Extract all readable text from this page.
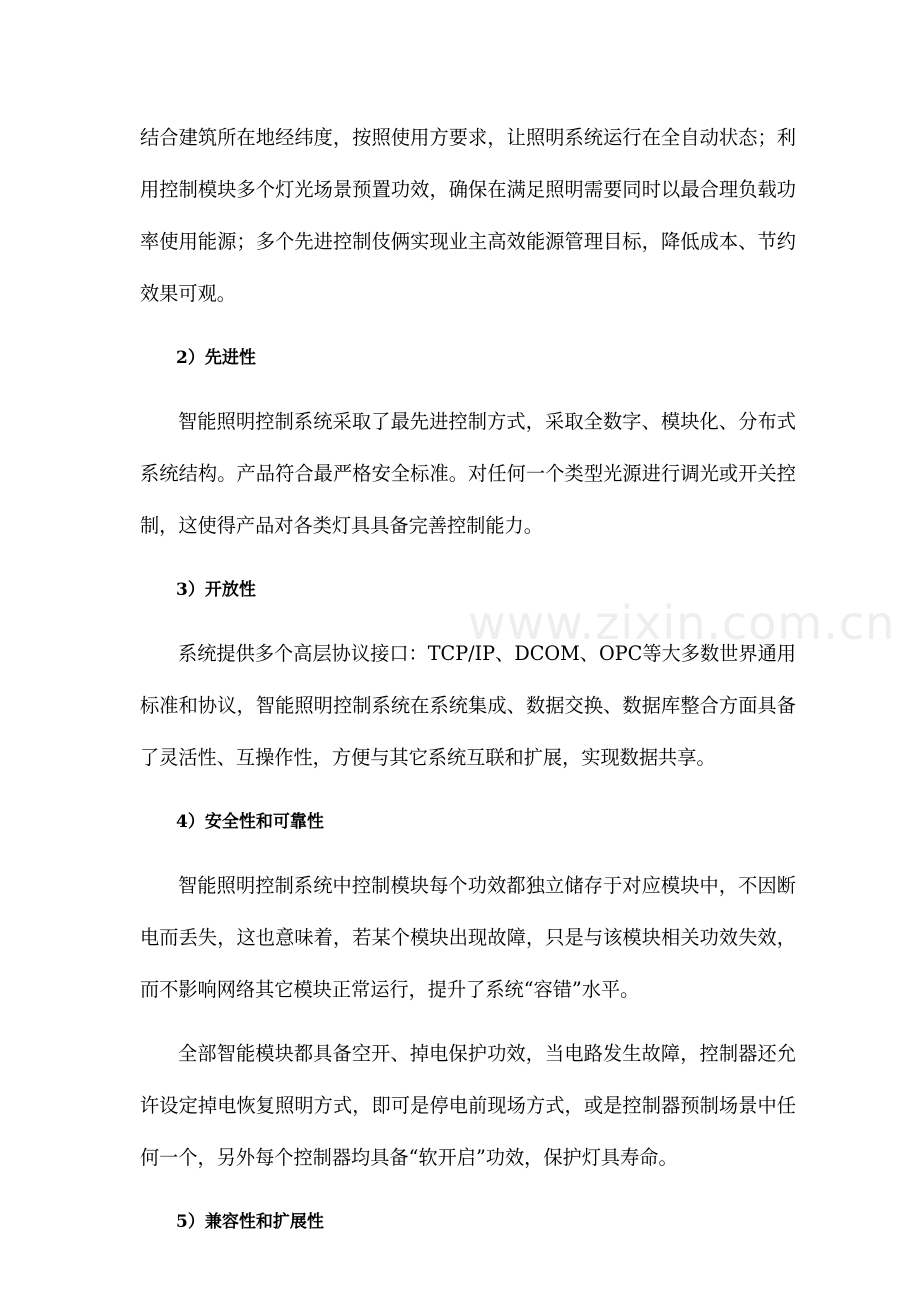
www.zixin.com.cn

结合建筑所在地经纬度，按照使用方要求，让照明系统运行在全自动状态；利用控制模块多个灯光场景预置功效，确保在满足照明需要同时以最合理负载功率使用能源；多个先进控制伎俩实现业主高效能源管理目标，降低成本、节约效果可观。

2）先进性

智能照明控制系统采取了最先进控制方式，采取全数字、模块化、分布式系统结构。产品符合最严格安全标准。对任何一个类型光源进行调光或开关控制，这使得产品对各类灯具具备完善控制能力。

3）开放性

系统提供多个高层协议接口：TCP/IP、DCOM、OPC等大多数世界通用标准和协议，智能照明控制系统在系统集成、数据交换、数据库整合方面具备了灵活性、互操作性，方便与其它系统互联和扩展，实现数据共享。

4）安全性和可靠性

智能照明控制系统中控制模块每个功效都独立储存于对应模块中，不因断电而丢失，这也意味着，若某个模块出现故障，只是与该模块相关功效失效，而不影响网络其它模块正常运行，提升了系统“容错”水平。

全部智能模块都具备空开、掉电保护功效，当电路发生故障，控制器还允许设定掉电恢复照明方式，即可是停电前现场方式，或是控制器预制场景中任何一个，另外每个控制器均具备“软开启”功效，保护灯具寿命。

5）兼容性和扩展性
